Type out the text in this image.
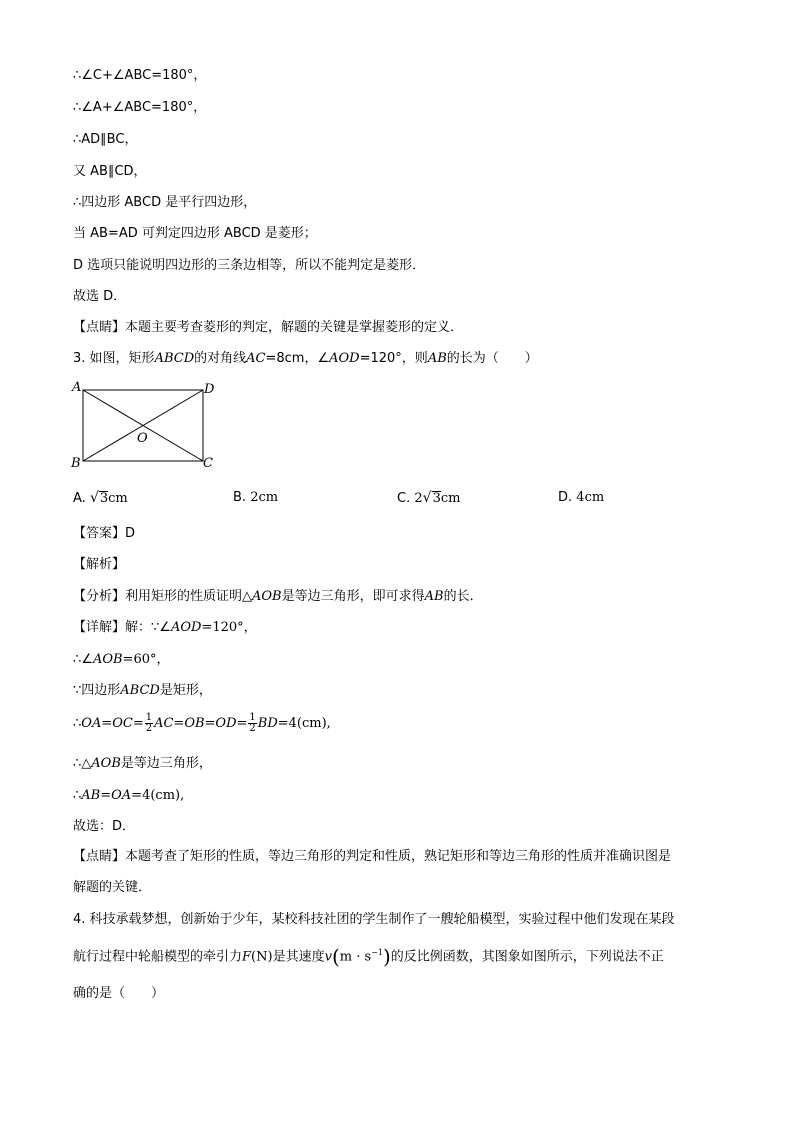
∴∠C+∠ABC=180°，
∴∠A+∠ABC=180°，
∴AD∥BC，
又 AB∥CD，
∴四边形 ABCD 是平行四边形，
当 AB=AD 可判定四边形 ABCD 是菱形；
D 选项只能说明四边形的三条边相等，所以不能判定是菱形．
故选 D．
【点睛】本题主要考查菱形的判定，解题的关键是掌握菱形的定义．
3. 如图，矩形ABCD的对角线AC=8cm，∠AOD=120°，则AB的长为（　　）
A	D
B	C
O
A. √3cm	B. 2cm	C. 2√3cm	D. 4cm
【答案】D
【解析】
【分析】利用矩形的性质证明△AOB是等边三角形，即可求得AB的长．
【详解】解：∵∠AOD=120°，
∴∠AOB=60°，
∵四边形ABCD是矩形，
∴OA=OC= $\frac{1}{2} AC=OB=OD= \frac{1}{2} BD=4(cm)$,
∴△AOB是等边三角形，
∴AB=OA=4(cm),
故选：D．
【点睛】本题考查了矩形的性质，等边三角形的判定和性质，熟记矩形和等边三角形的性质并准确识图是
解题的关键．
4. 科技承载梦想，创新始于少年，某校科技社团的学生制作了一艘轮船模型，实验过程中他们发现在某段
航行过程中轮船模型的牵引力F(N)是其速度$v(m \cdot s^{-1})$的反比例函数，其图象如图所示，下列说法不正
确的是（　　）
